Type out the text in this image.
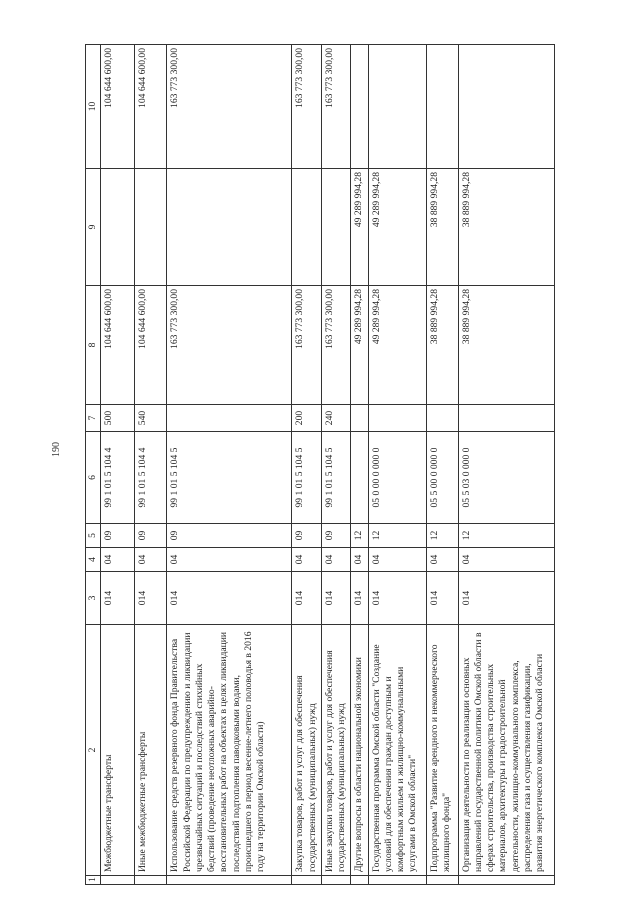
190
1	2	3	4	5	6	7	8	9	10
	Межбюджетные трансферты	014	04	09	99 1 01 5 104 4	500	104 644 600,00		104 644 600,00
	Иные межбюджетные трансферты	014	04	09	99 1 01 5 104 4	540	104 644 600,00		104 644 600,00
	Использование средств резервного фонда Правительства Российской Федерации по предупреждению и ликвидации чрезвычайных ситуаций и последствий стихийных бедствий (проведение неотложных аварийно-восстановительных работ на объектах в целях ликвидации последствий подтопления паводковыми водами, происшедшего в период весенне-летнего половодья в 2016 году на территории Омской области)	014	04	09	99 1 01 5 104 5		163 773 300,00		163 773 300,00
	Закупка товаров, работ и услуг для обеспечения государственных (муниципальных) нужд	014	04	09	99 1 01 5 104 5	200	163 773 300,00		163 773 300,00
	Иные закупки товаров, работ и услуг для обеспечения государственных (муниципальных) нужд	014	04	09	99 1 01 5 104 5	240	163 773 300,00		163 773 300,00
	Другие вопросы в области национальной экономики	014	04	12			49 289 994,28	49 289 994,28	
	Государственная программа Омской области "Создание условий для обеспечения граждан доступным и комфортным жильем и жилищно-коммунальными услугами в Омской области"	014	04	12	05 0 00 0 000 0		49 289 994,28	49 289 994,28	
	Подпрограмма "Развитие арендного и некоммерческого жилищного фонда"	014	04	12	05 5 00 0 000 0		38 889 994,28	38 889 994,28	
	Организация деятельности по реализации основных направлений государственной политики Омской области в сферах строительства, производства строительных материалов, архитектуры и градостроительной деятельности, жилищно-коммунального комплекса, распределения газа и осуществления газификации, развития энергетического комплекса Омской области	014	04	12	05 5 03 0 000 0		38 889 994,28	38 889 994,28	
